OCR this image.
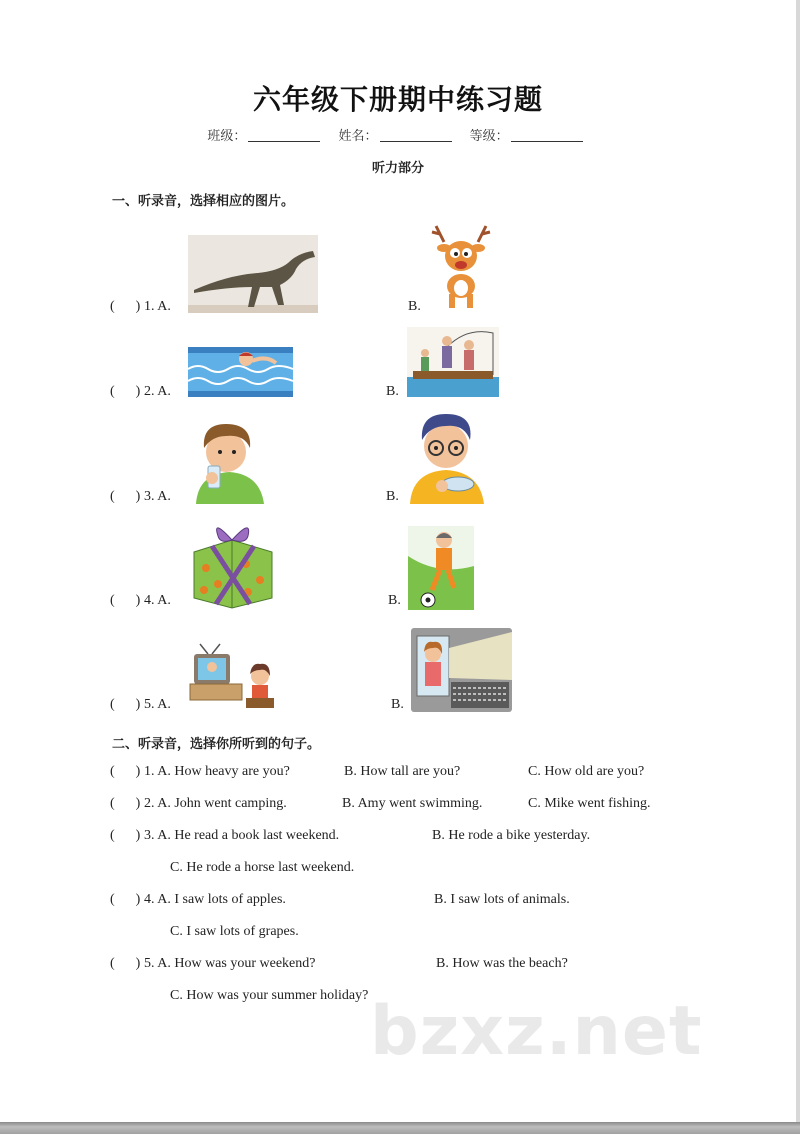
六年级下册期中练习题
班级：	姓名：	等级：
听力部分
一、听录音，选择相应的图片。
(      ) 1. A.	B.
(      ) 2. A.	B.
(      ) 3. A.	B.
(      ) 4. A.	B.
(      ) 5. A.	B.
二、听录音，选择你所听到的句子。
(      ) 1. A. How heavy are you?	B. How tall are you?	C. How old are you?
(      ) 2. A. John went camping.	B. Amy went swimming.	C. Mike went fishing.
(      ) 3. A. He read a book last weekend.	B. He rode a bike yesterday.
C. He rode a horse last weekend.
(      ) 4. A. I saw lots of apples.	B. I saw lots of animals.
C. I saw lots of grapes.
(      ) 5. A. How was your weekend?	B. How was the beach?
C. How was your summer holiday? bzxz.net
